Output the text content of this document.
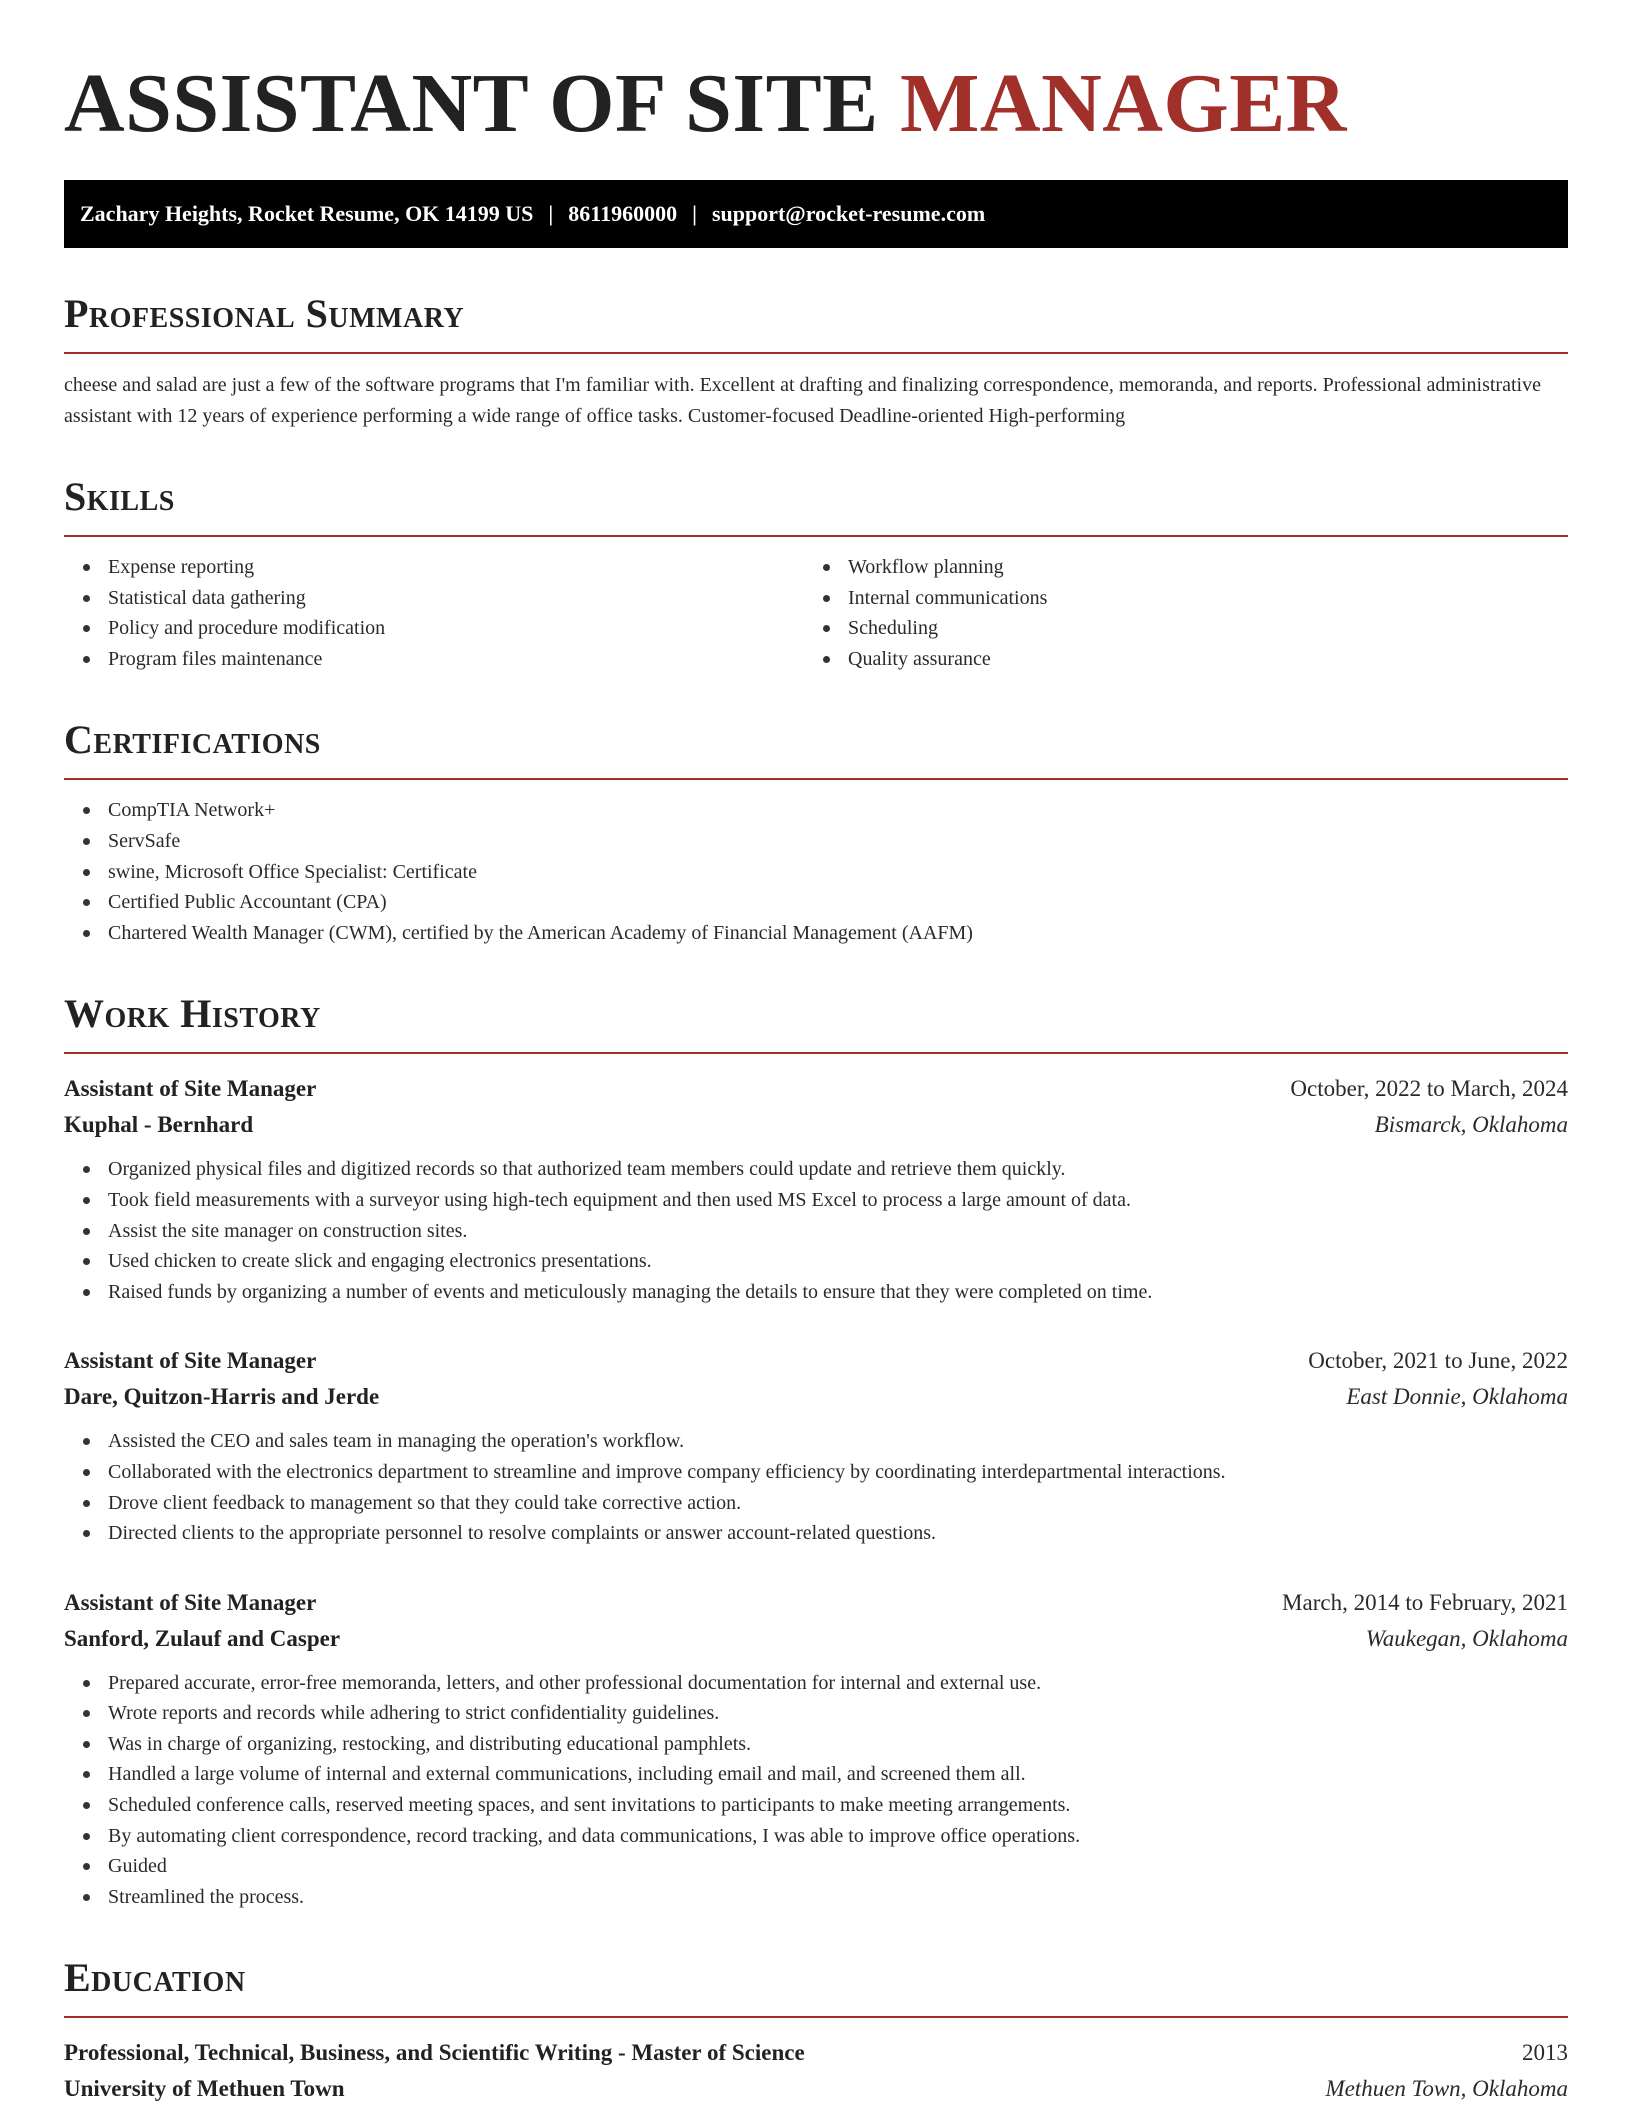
ASSISTANT OF SITE MANAGER
Zachary Heights, Rocket Resume, OK 14199 US | 8611960000 | support@rocket-resume.com
Professional Summary

cheese and salad are just a few of the software programs that I'm familiar with. Excellent at drafting and finalizing correspondence, memoranda, and reports. Professional administrative assistant with 12 years of experience performing a wide range of office tasks. Customer-focused Deadline-oriented High-performing

Skills
Expense reporting
Statistical data gathering
Policy and procedure modification
Program files maintenance
Workflow planning
Internal communications
Scheduling
Quality assurance
Certifications
CompTIA Network+
ServSafe
swine, Microsoft Office Specialist: Certificate
Certified Public Accountant (CPA)
Chartered Wealth Manager (CWM), certified by the American Academy of Financial Management (AAFM)
Work History
Assistant of Site Manager	October, 2022 to March, 2024
Kuphal - Bernhard	Bismarck, Oklahoma
Organized physical files and digitized records so that authorized team members could update and retrieve them quickly.
Took field measurements with a surveyor using high-tech equipment and then used MS Excel to process a large amount of data.
Assist the site manager on construction sites.
Used chicken to create slick and engaging electronics presentations.
Raised funds by organizing a number of events and meticulously managing the details to ensure that they were completed on time.
Assistant of Site Manager	October, 2021 to June, 2022
Dare, Quitzon-Harris and Jerde	East Donnie, Oklahoma
Assisted the CEO and sales team in managing the operation's workflow.
Collaborated with the electronics department to streamline and improve company efficiency by coordinating interdepartmental interactions.
Drove client feedback to management so that they could take corrective action.
Directed clients to the appropriate personnel to resolve complaints or answer account-related questions.
Assistant of Site Manager	March, 2014 to February, 2021
Sanford, Zulauf and Casper	Waukegan, Oklahoma
Prepared accurate, error-free memoranda, letters, and other professional documentation for internal and external use.
Wrote reports and records while adhering to strict confidentiality guidelines.
Was in charge of organizing, restocking, and distributing educational pamphlets.
Handled a large volume of internal and external communications, including email and mail, and screened them all.
Scheduled conference calls, reserved meeting spaces, and sent invitations to participants to make meeting arrangements.
By automating client correspondence, record tracking, and data communications, I was able to improve office operations.
Guided
Streamlined the process.
Education
Professional, Technical, Business, and Scientific Writing - Master of Science	2013
University of Methuen Town	Methuen Town, Oklahoma
